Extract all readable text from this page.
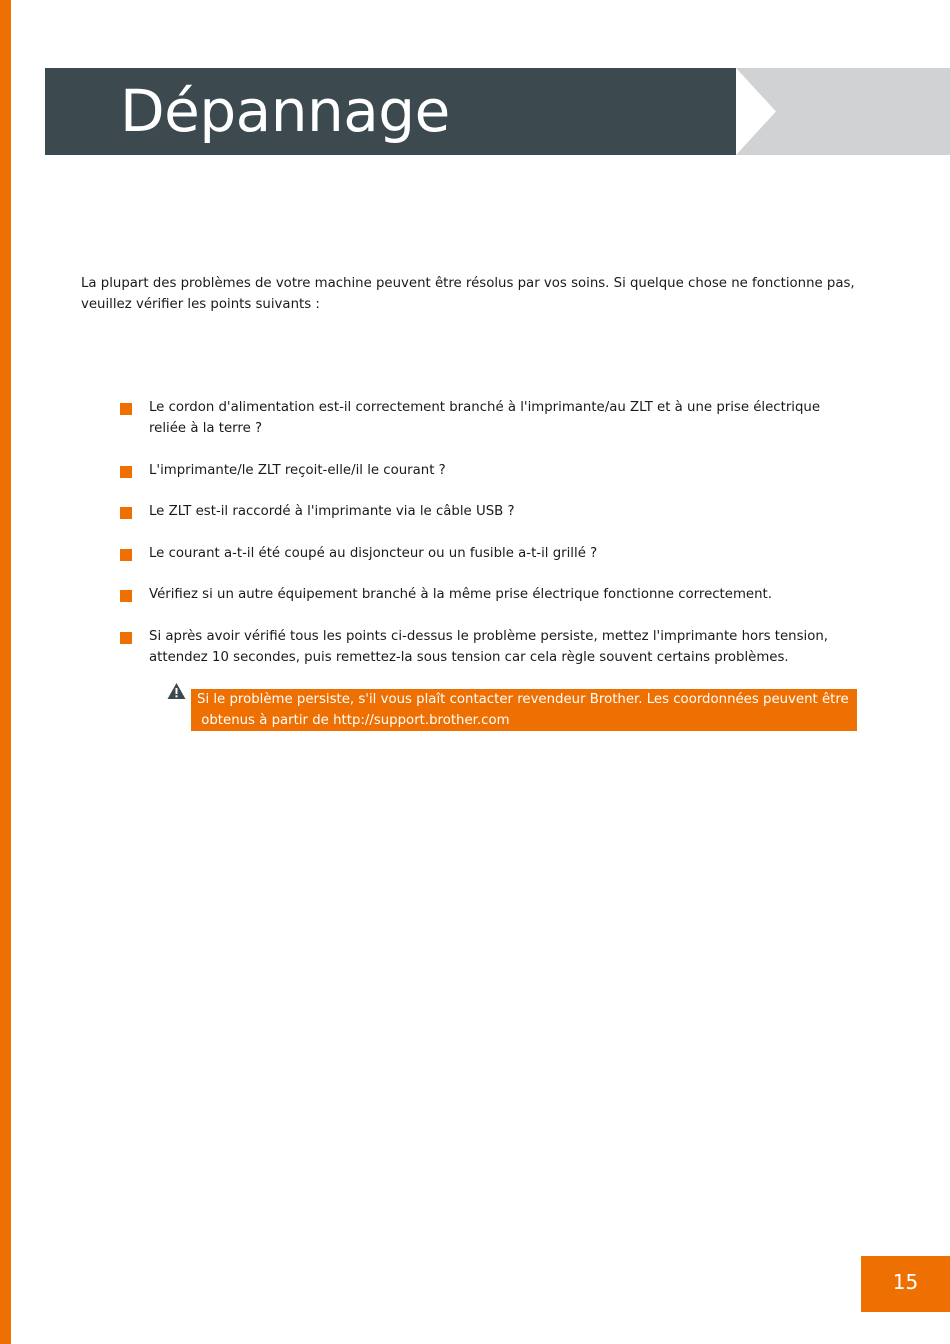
Dépannage

La plupart des problèmes de votre machine peuvent être résolus par vos soins. Si quelque chose ne fonctionne pas, veuillez vérifier les points suivants :

Le cordon d'alimentation est-il correctement branché à l'imprimante/au ZLT et à une prise électrique reliée à la terre ?
L'imprimante/le ZLT reçoit-elle/il le courant ?
Le ZLT est-il raccordé à l'imprimante via le câble USB ?
Le courant a-t-il été coupé au disjoncteur ou un fusible a-t-il grillé ?
Vérifiez si un autre équipement branché à la même prise électrique fonctionne correctement.
Si après avoir vérifié tous les points ci-dessus le problème persiste, mettez l'imprimante hors tension, attendez 10 secondes, puis remettez-la sous tension car cela règle souvent certains problèmes.
Si le problème persiste, s'il vous plaît contacter revendeur Brother. Les coordonnées peuvent être
obtenus à partir de http://support.brother.com
15
